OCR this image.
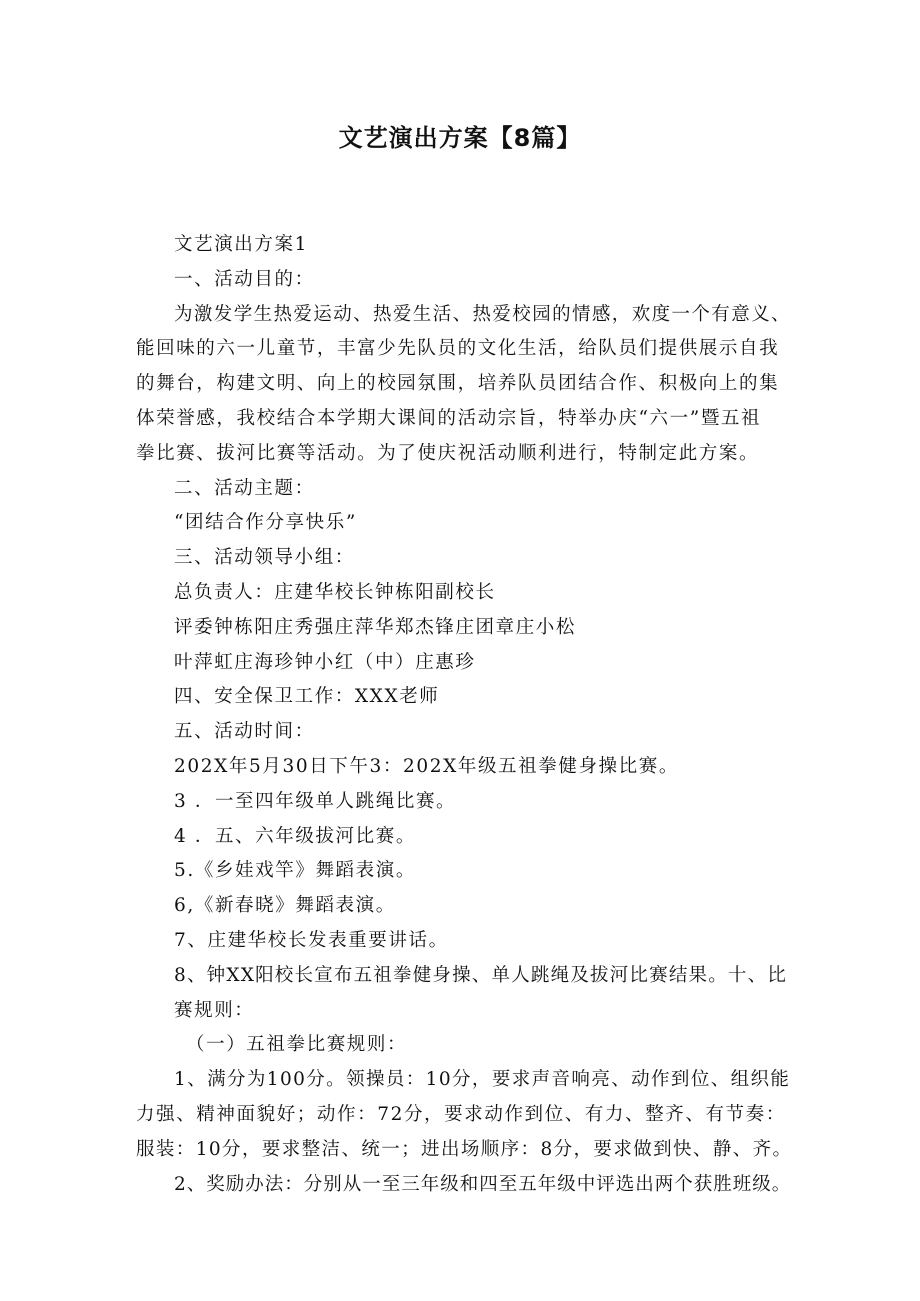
文艺演出方案【8篇】
文艺演出方案1
一、活动目的：
为激发学生热爱运动、热爱生活、热爱校园的情感，欢度一个有意义、
能回味的六一儿童节，丰富少先队员的文化生活，给队员们提供展示自我
的舞台，构建文明、向上的校园氛围，培养队员团结合作、积极向上的集
体荣誉感，我校结合本学期大课间的活动宗旨，特举办庆“六一”暨五祖
拳比赛、拔河比赛等活动。为了使庆祝活动顺利进行，特制定此方案。
二、活动主题：
“团结合作分享快乐”
三、活动领导小组：
总负责人：庄建华校长钟栋阳副校长
评委钟栋阳庄秀强庄萍华郑杰锋庄团章庄小松
叶萍虹庄海珍钟小红（中）庄惠珍
四、安全保卫工作：XXX老师
五、活动时间：
202X年5月30日下午3：202X年级五祖拳健身操比赛。
3 ．一至四年级单人跳绳比赛。
4 ．五、六年级拔河比赛。
5.《乡娃戏竿》舞蹈表演。
6,《新春晓》舞蹈表演。
7、庄建华校长发表重要讲话。
8、钟XX阳校长宣布五祖拳健身操、单人跳绳及拔河比赛结果。十、比
赛规则：
（一）五祖拳比赛规则：
1、满分为100分。领操员：10分，要求声音响亮、动作到位、组织能
力强、精神面貌好；动作：72分，要求动作到位、有力、整齐、有节奏：
服装：10分，要求整洁、统一；进出场顺序：8分，要求做到快、静、齐。
2、奖励办法：分别从一至三年级和四至五年级中评选出两个获胜班级。
